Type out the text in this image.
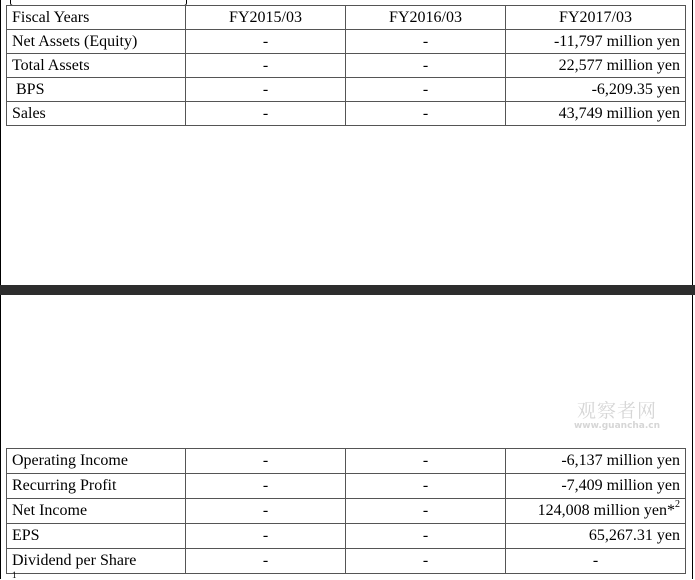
Fiscal Years	FY2015/03	FY2016/03	FY2017/03
Net Assets (Equity)	-	-	-11,797 million yen
Total Assets	-	-	22,577 million yen
BPS	-	-	-6,209.35 yen
Sales	-	-	43,749 million yen
观察者网
www.guancha.cn
Operating Income	-	-	-6,137 million yen
Recurring Profit	-	-	-7,409 million yen
Net Income	-	-	124,008 million yen*$^2$
EPS	-	-	65,267.31 yen
Dividend per Share	-	-	-
1
